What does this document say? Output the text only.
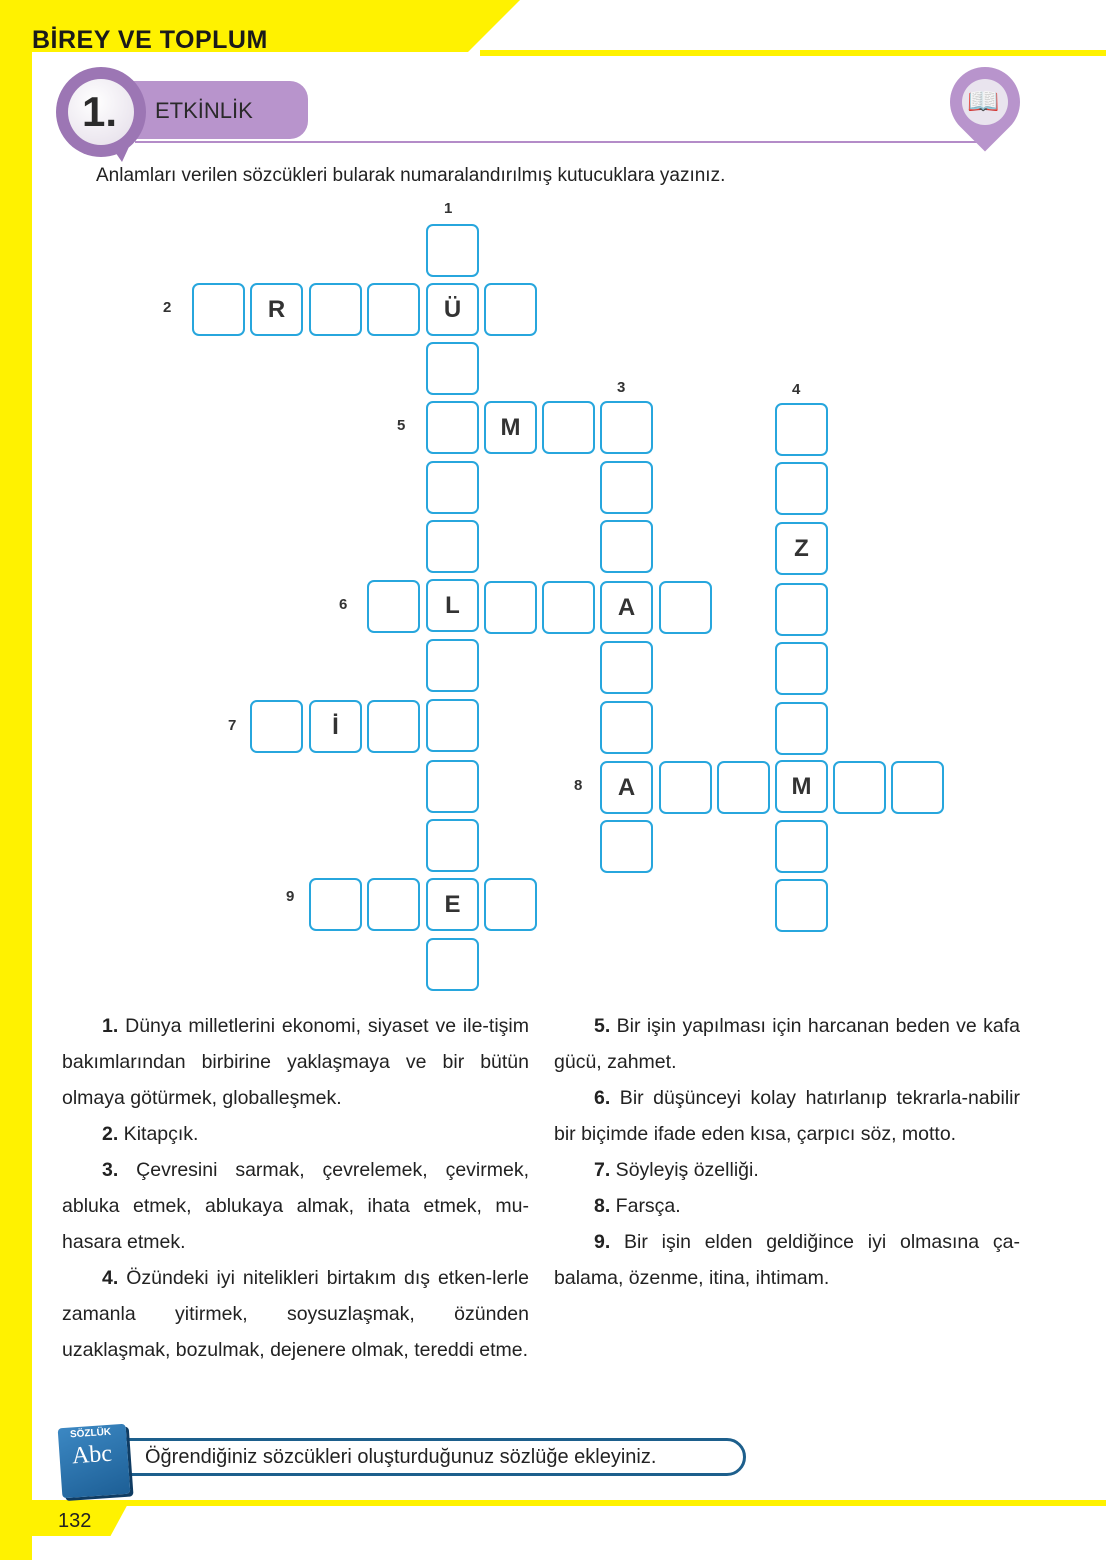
BİREY VE TOPLUM
ETKİNLİK
1.	📖
Anlamları verilen sözcükleri bularak numaralandırılmış kutucuklara yazınız.
1
2
3	4
5
6
7
8
9
Ü
L
E
R
M
A
A
Z
M
İ

1. Dünya milletlerini ekonomi, siyaset ve ile-tişim bakımlarından birbirine yaklaşmaya ve bir bütün olmaya götürmek, globalleşmek.

2. Kitapçık.

3. Çevresini sarmak, çevrelemek, çevirmek, abluka etmek, ablukaya almak, ihata etmek, mu-hasara etmek.

4. Özündeki iyi nitelikleri birtakım dış etken-lerle zamanla yitirmek, soysuzlaşmak, özünden uzaklaşmak, bozulmak, dejenere olmak, tereddi etme.

5. Bir işin yapılması için harcanan beden ve kafa gücü, zahmet.

6. Bir düşünceyi kolay hatırlanıp tekrarla-nabilir bir biçimde ifade eden kısa, çarpıcı söz, motto.

7. Söyleyiş özelliği.

8. Farsça.

9. Bir işin elden geldiğince iyi olmasına ça-balama, özenme, itina, ihtimam.

Öğrendiğiniz sözcükleri oluşturduğunuz sözlüğe ekleyiniz.
SÖZLÜK
Abc
132
